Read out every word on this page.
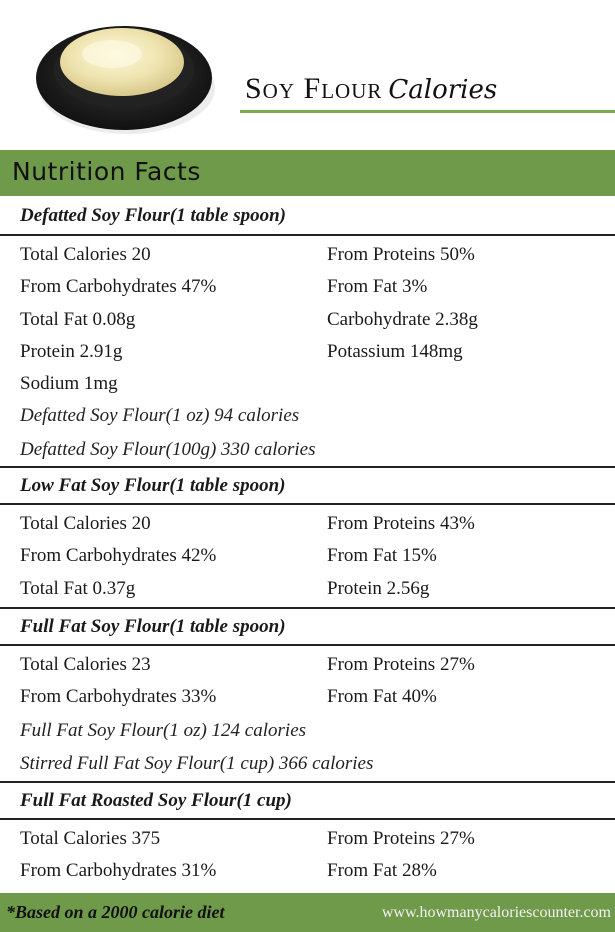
Soy Flour Calories
Nutrition Facts
Defatted Soy Flour(1 table spoon)
Total Calories 20	From Proteins 50%
From Carbohydrates 47%	From Fat 3%
Total Fat 0.08g	Carbohydrate 2.38g
Protein 2.91g	Potassium 148mg
Sodium 1mg
Defatted Soy Flour(1 oz) 94 calories
Defatted Soy Flour(100g) 330 calories
Low Fat Soy Flour(1 table spoon)
Total Calories 20	From Proteins 43%
From Carbohydrates 42%	From Fat 15%
Total Fat 0.37g	Protein 2.56g
Full Fat Soy Flour(1 table spoon)
Total Calories 23	From Proteins 27%
From Carbohydrates 33%	From Fat 40%
Full Fat Soy Flour(1 oz) 124 calories
Stirred Full Fat Soy Flour(1 cup) 366 calories
Full Fat Roasted Soy Flour(1 cup)
Total Calories 375	From Proteins 27%
From Carbohydrates 31%	From Fat 28%
*Based on a 2000 calorie diet	www.howmanycaloriescounter.com
